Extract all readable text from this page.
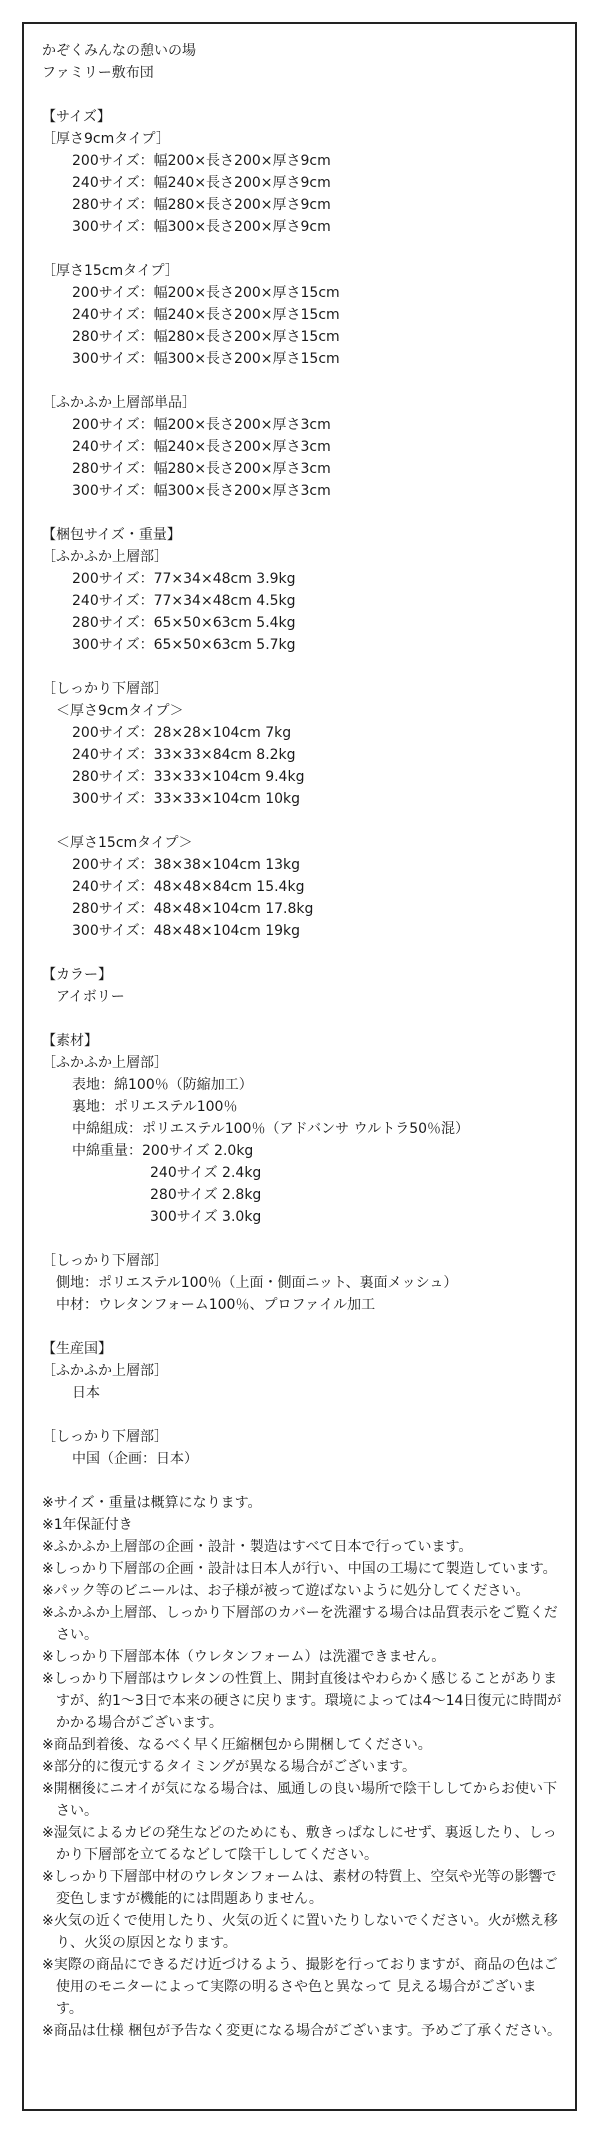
かぞくみんなの憩いの場
ファミリー敷布団
【サイズ】
［厚さ9cmタイプ］
200サイズ：幅200×長さ200×厚さ9cm
240サイズ：幅240×長さ200×厚さ9cm
280サイズ：幅280×長さ200×厚さ9cm
300サイズ：幅300×長さ200×厚さ9cm
［厚さ15cmタイプ］
200サイズ：幅200×長さ200×厚さ15cm
240サイズ：幅240×長さ200×厚さ15cm
280サイズ：幅280×長さ200×厚さ15cm
300サイズ：幅300×長さ200×厚さ15cm
［ふかふか上層部単品］
200サイズ：幅200×長さ200×厚さ3cm
240サイズ：幅240×長さ200×厚さ3cm
280サイズ：幅280×長さ200×厚さ3cm
300サイズ：幅300×長さ200×厚さ3cm
【梱包サイズ・重量】
［ふかふか上層部］
200サイズ：77×34×48cm 3.9kg
240サイズ：77×34×48cm 4.5kg
280サイズ：65×50×63cm 5.4kg
300サイズ：65×50×63cm 5.7kg
［しっかり下層部］
＜厚さ9cmタイプ＞
200サイズ：28×28×104cm 7kg
240サイズ：33×33×84cm 8.2kg
280サイズ：33×33×104cm 9.4kg
300サイズ：33×33×104cm 10kg
＜厚さ15cmタイプ＞
200サイズ：38×38×104cm 13kg
240サイズ：48×48×84cm 15.4kg
280サイズ：48×48×104cm 17.8kg
300サイズ：48×48×104cm 19kg
【カラー】
アイボリー
【素材】
［ふかふか上層部］
表地：綿100％（防縮加工）
裏地：ポリエステル100％
中綿組成：ポリエステル100％（アドバンサ ウルトラ50％混）
中綿重量：200サイズ 2.0kg
240サイズ 2.4kg
280サイズ 2.8kg
300サイズ 3.0kg
［しっかり下層部］
側地：ポリエステル100％（上面・側面ニット、裏面メッシュ）
中材：ウレタンフォーム100％、プロファイル加工
【生産国】
［ふかふか上層部］
日本
［しっかり下層部］
中国（企画：日本）
※サイズ・重量は概算になります。
※1年保証付き
※ふかふか上層部の企画・設計・製造はすべて日本で行っています。
※しっかり下層部の企画・設計は日本人が行い、中国の工場にて製造しています。
※パック等のビニールは、お子様が被って遊ばないように処分してください。
※ふかふか上層部、しっかり下層部のカバーを洗濯する場合は品質表示をご覧ください。
※しっかり下層部本体（ウレタンフォーム）は洗濯できません。
※しっかり下層部はウレタンの性質上、開封直後はやわらかく感じることがありますが、約1～3日で本来の硬さに戻ります。環境によっては4～14日復元に時間がかかる場合がございます。
※商品到着後、なるべく早く圧縮梱包から開梱してください。
※部分的に復元するタイミングが異なる場合がございます。
※開梱後にニオイが気になる場合は、風通しの良い場所で陰干ししてからお使い下さい。
※湿気によるカビの発生などのためにも、敷きっぱなしにせず、裏返したり、しっかり下層部を立てるなどして陰干ししてください。
※しっかり下層部中材のウレタンフォームは、素材の特質上、空気や光等の影響で 変色しますが機能的には問題ありません。
※火気の近くで使用したり、火気の近くに置いたりしないでください。火が燃え移り、火災の原因となります。
※実際の商品にできるだけ近づけるよう、撮影を行っておりますが、商品の色はご使用のモニターによって実際の明るさや色と異なって 見える場合がございます。
※商品は仕様 梱包が予告なく変更になる場合がございます。予めご了承ください。
